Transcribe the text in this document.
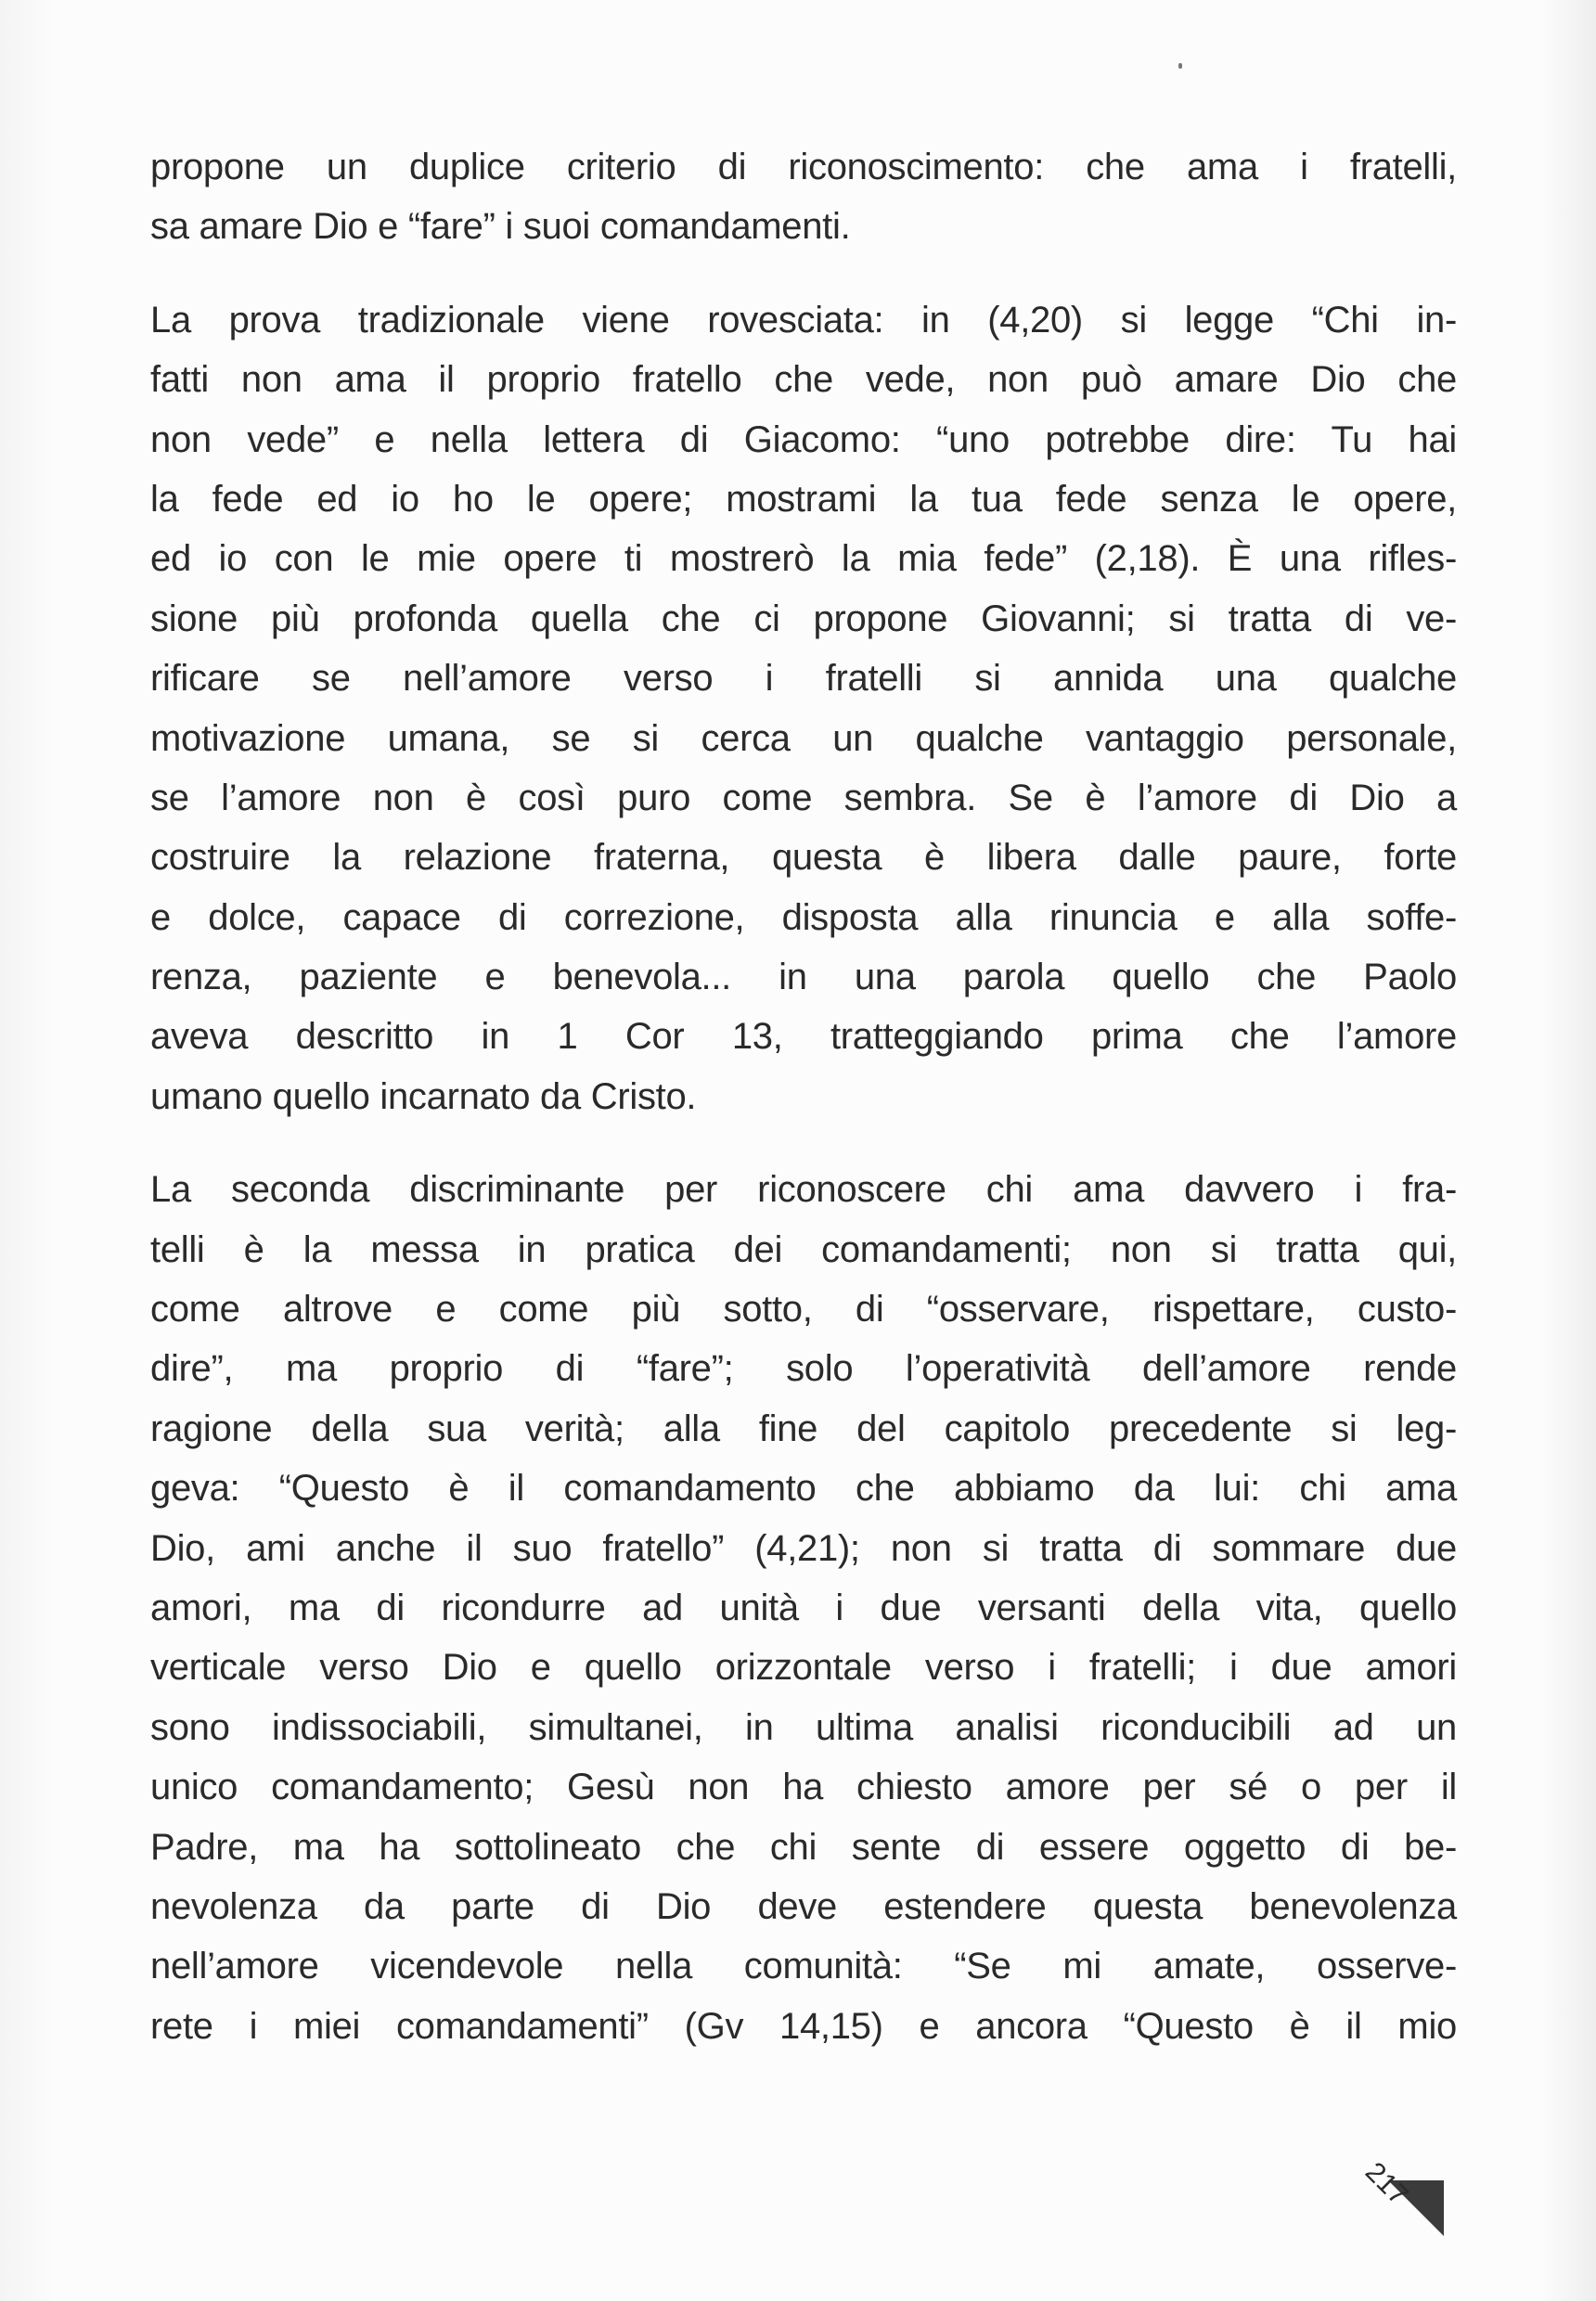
propone un duplice criterio di riconoscimento: che ama i fratelli,
sa amare Dio e “fare” i suoi comandamenti.
La prova tradizionale viene rovesciata: in (4,20) si legge “Chi in-
fatti non ama il proprio fratello che vede, non può amare Dio che
non vede” e nella lettera di Giacomo: “uno potrebbe dire: Tu hai
la fede ed io ho le opere; mostrami la tua fede senza le opere,
ed io con le mie opere ti mostrerò la mia fede” (2,18). È una rifles-
sione più profonda quella che ci propone Giovanni; si tratta di ve-
rificare se nell’amore verso i fratelli si annida una qualche
motivazione umana, se si cerca un qualche vantaggio personale,
se l’amore non è così puro come sembra. Se è l’amore di Dio a
costruire la relazione fraterna, questa è libera dalle paure, forte
e dolce, capace di correzione, disposta alla rinuncia e alla soffe-
renza, paziente e benevola... in una parola quello che Paolo
aveva descritto in 1 Cor 13, tratteggiando prima che l’amore
umano quello incarnato da Cristo.
La seconda discriminante per riconoscere chi ama davvero i fra-
telli è la messa in pratica dei comandamenti; non si tratta qui,
come altrove e come più sotto, di “osservare, rispettare, custo-
dire”, ma proprio di “fare”; solo l’operatività dell’amore rende
ragione della sua verità; alla fine del capitolo precedente si leg-
geva: “Questo è il comandamento che abbiamo da lui: chi ama
Dio, ami anche il suo fratello” (4,21); non si tratta di sommare due
amori, ma di ricondurre ad unità i due versanti della vita, quello
verticale verso Dio e quello orizzontale verso i fratelli; i due amori
sono indissociabili, simultanei, in ultima analisi riconducibili ad un
unico comandamento; Gesù non ha chiesto amore per sé o per il
Padre, ma ha sottolineato che chi sente di essere oggetto di be-
nevolenza da parte di Dio deve estendere questa benevolenza
nell’amore vicendevole nella comunità: “Se mi amate, osserve-
rete i miei comandamenti” (Gv 14,15) e ancora “Questo è il mio
217
